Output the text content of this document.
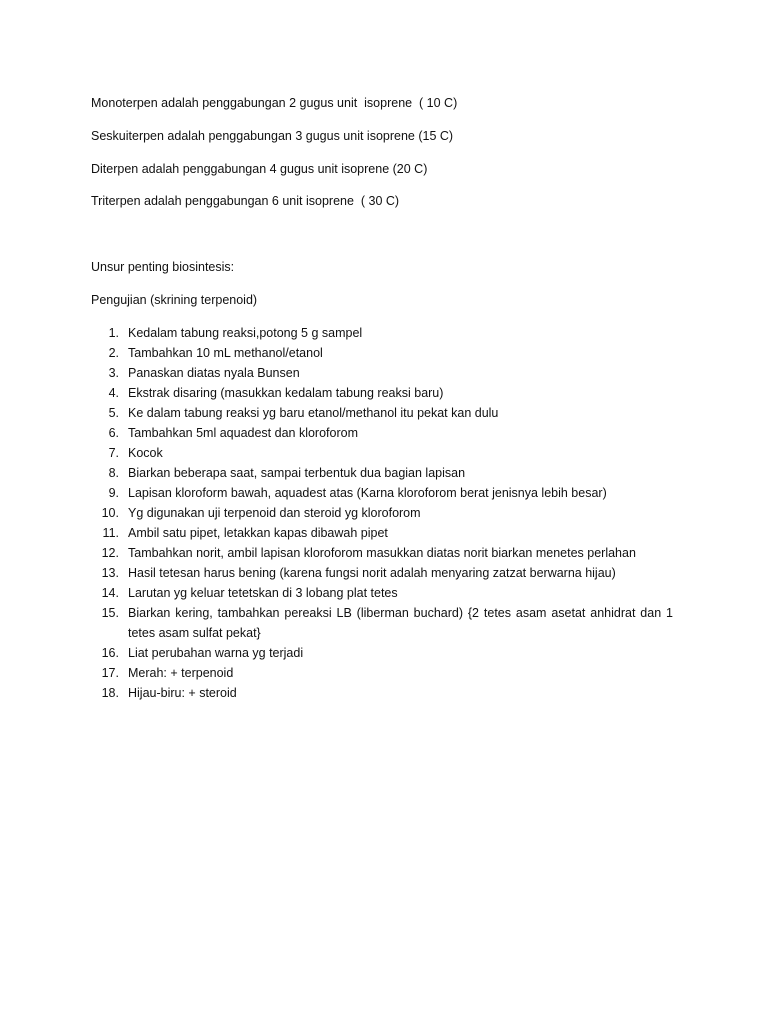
Monoterpen adalah penggabungan 2 gugus unit  isoprene  ( 10 C)

Seskuiterpen adalah penggabungan 3 gugus unit isoprene (15 C)

Diterpen adalah penggabungan 4 gugus unit isoprene (20 C)

Triterpen adalah penggabungan 6 unit isoprene  ( 30 C)

Unsur penting biosintesis:

Pengujian (skrining terpenoid)

1. Kedalam tabung reaksi,potong 5 g sampel
2. Tambahkan 10 mL methanol/etanol
3. Panaskan diatas nyala Bunsen
4. Ekstrak disaring (masukkan kedalam tabung reaksi baru)
5. Ke dalam tabung reaksi yg baru etanol/methanol itu pekat kan dulu
6. Tambahkan 5ml aquadest dan kloroforom
7. Kocok
8. Biarkan beberapa saat, sampai terbentuk dua bagian lapisan
9. Lapisan kloroform bawah, aquadest atas (Karna kloroforom berat jenisnya lebih besar)
10. Yg digunakan uji terpenoid dan steroid yg kloroforom
11. Ambil satu pipet, letakkan kapas dibawah pipet
12. Tambahkan norit, ambil lapisan kloroforom masukkan diatas norit biarkan menetes perlahan
13. Hasil tetesan harus bening (karena fungsi norit adalah menyaring zatzat berwarna hijau)
14. Larutan yg keluar tetetskan di 3 lobang plat tetes
15. Biarkan kering, tambahkan pereaksi LB (liberman buchard) {2 tetes asam asetat anhidrat dan 1 tetes asam sulfat pekat}
16. Liat perubahan warna yg terjadi
17. Merah: + terpenoid
18. Hijau-biru: + steroid
